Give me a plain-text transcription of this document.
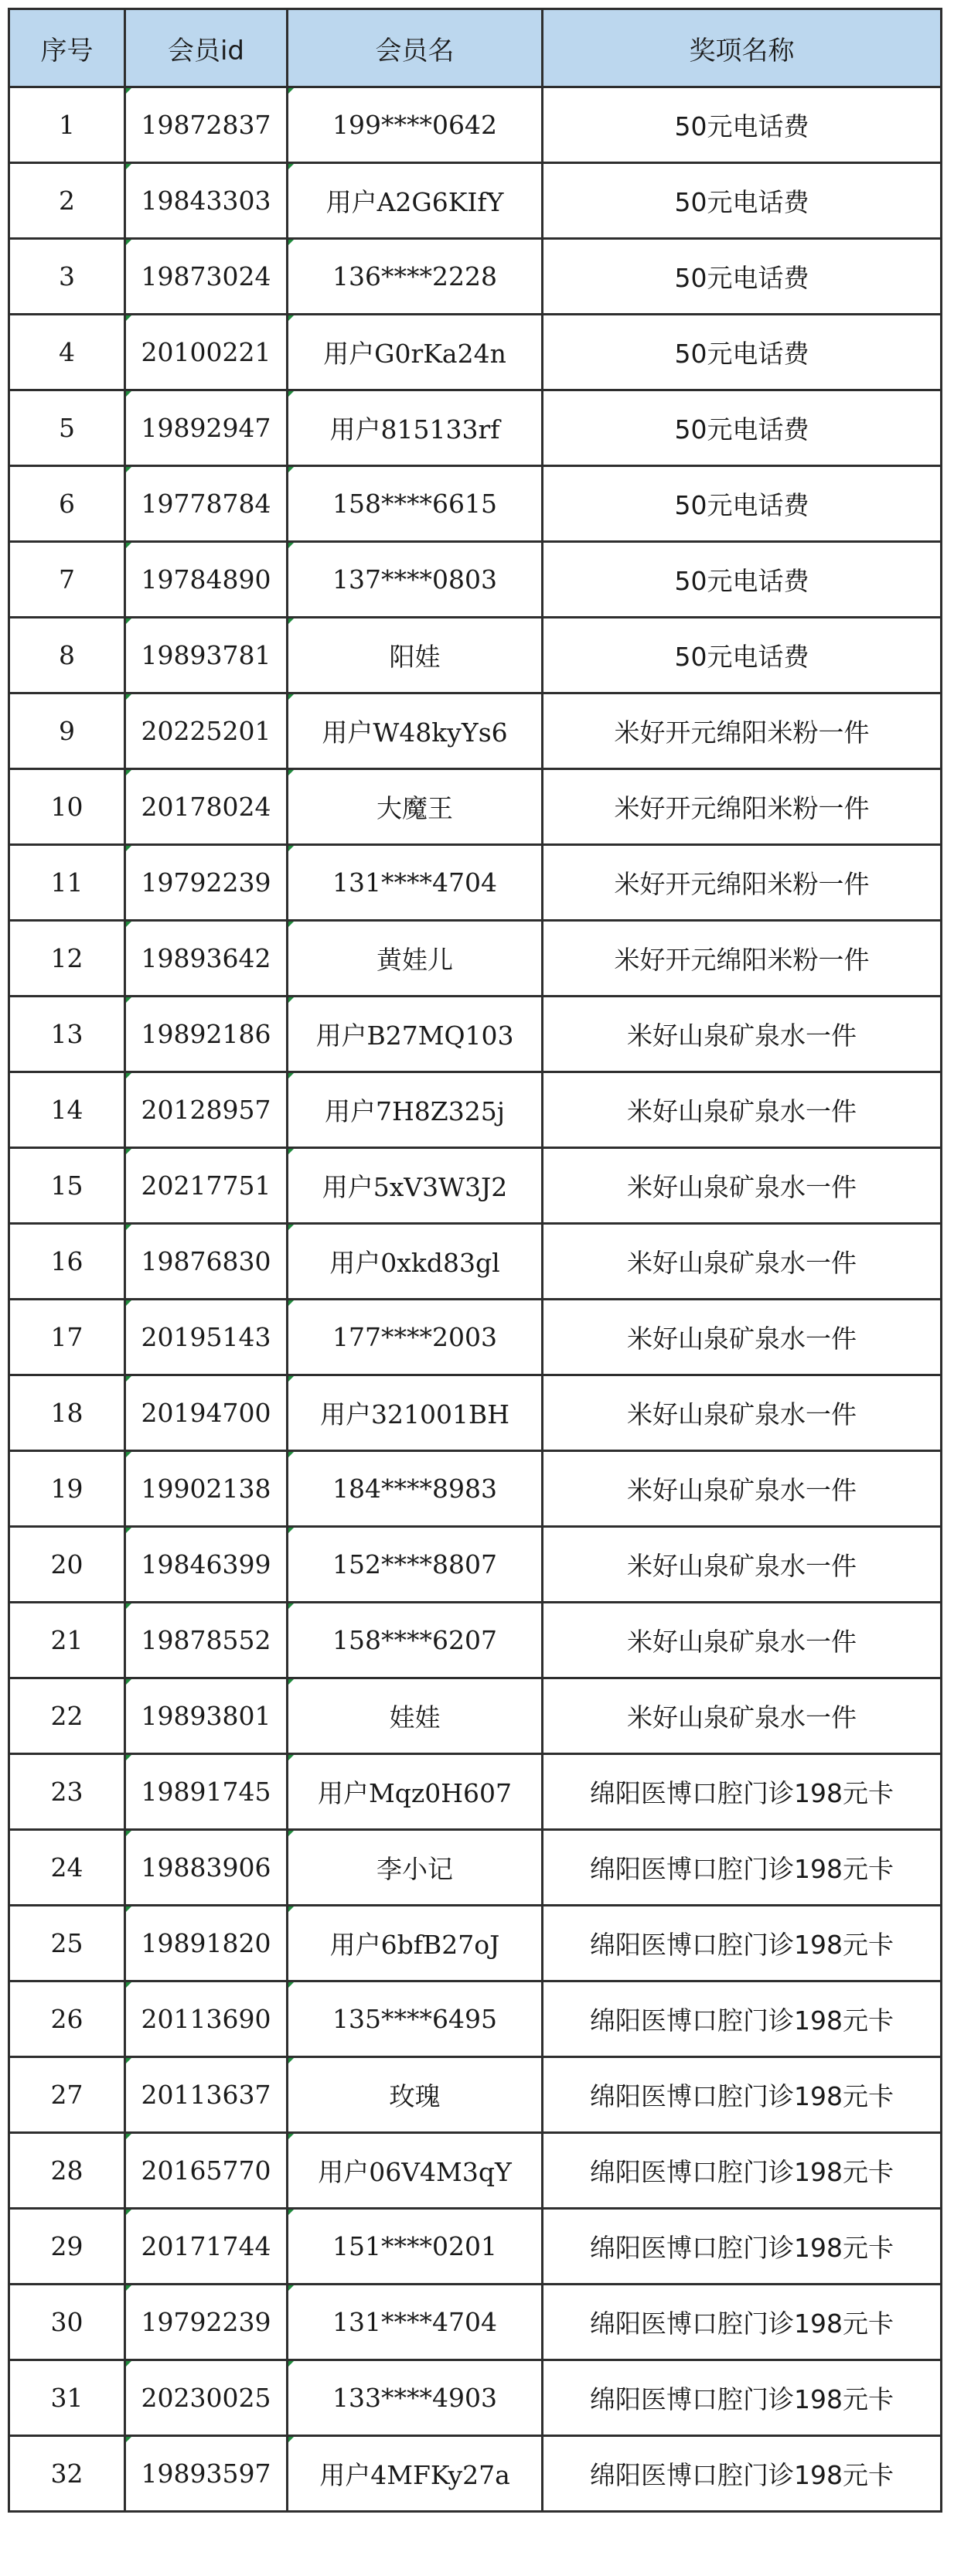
序号	会员id	会员名	奖项名称
1	19872837	199****0642	50元电话费
2	19843303	用户A2G6KIfY	50元电话费
3	19873024	136****2228	50元电话费
4	20100221	用户G0rKa24n	50元电话费
5	19892947	用户815133rf	50元电话费
6	19778784	158****6615	50元电话费
7	19784890	137****0803	50元电话费
8	19893781	阳娃	50元电话费
9	20225201	用户W48kyYs6	米好开元绵阳米粉一件
10	20178024	大魔王	米好开元绵阳米粉一件
11	19792239	131****4704	米好开元绵阳米粉一件
12	19893642	黄娃儿	米好开元绵阳米粉一件
13	19892186	用户B27MQ103	米好山泉矿泉水一件
14	20128957	用户7H8Z325j	米好山泉矿泉水一件
15	20217751	用户5xV3W3J2	米好山泉矿泉水一件
16	19876830	用户0xkd83gl	米好山泉矿泉水一件
17	20195143	177****2003	米好山泉矿泉水一件
18	20194700	用户321001BH	米好山泉矿泉水一件
19	19902138	184****8983	米好山泉矿泉水一件
20	19846399	152****8807	米好山泉矿泉水一件
21	19878552	158****6207	米好山泉矿泉水一件
22	19893801	娃娃	米好山泉矿泉水一件
23	19891745	用户Mqz0H607	绵阳医博口腔门诊198元卡
24	19883906	李小记	绵阳医博口腔门诊198元卡
25	19891820	用户6bfB27oJ	绵阳医博口腔门诊198元卡
26	20113690	135****6495	绵阳医博口腔门诊198元卡
27	20113637	玫瑰	绵阳医博口腔门诊198元卡
28	20165770	用户06V4M3qY	绵阳医博口腔门诊198元卡
29	20171744	151****0201	绵阳医博口腔门诊198元卡
30	19792239	131****4704	绵阳医博口腔门诊198元卡
31	20230025	133****4903	绵阳医博口腔门诊198元卡
32	19893597	用户4MFKy27a	绵阳医博口腔门诊198元卡
